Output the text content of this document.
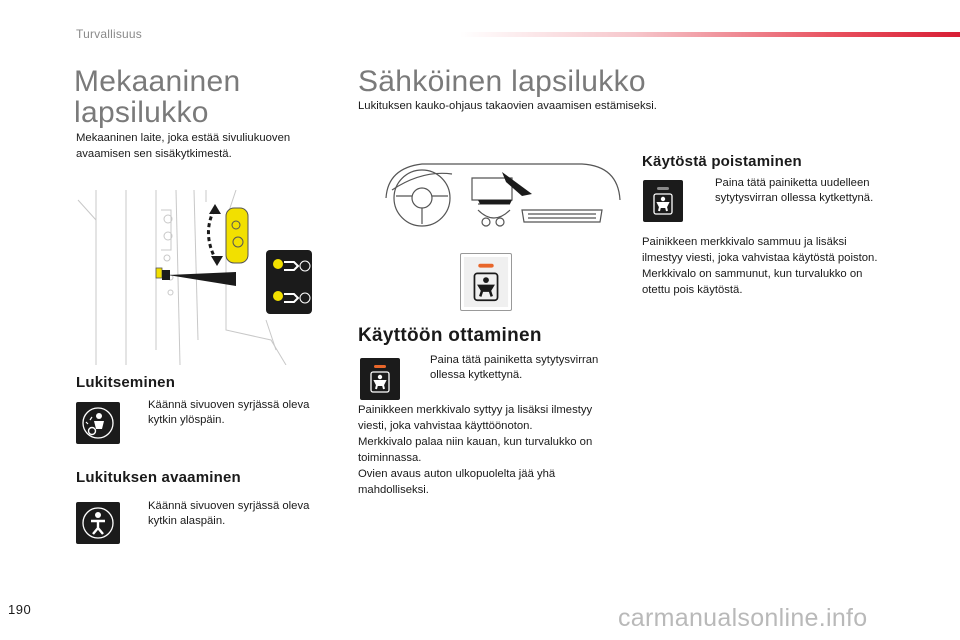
Turvallisuus
Mekaaninen
lapsilukko
Mekaaninen laite, joka estää sivuliukuoven
avaamisen sen sisäkytkimestä.
Lukitseminen
Käännä sivuoven syrjässä oleva
kytkin ylöspäin.
Lukituksen avaaminen
Käännä sivuoven syrjässä oleva
kytkin alaspäin.
Sähköinen lapsilukko
Lukituksen kauko-ohjaus takaovien avaamisen estämiseksi.
Käyttöön ottaminen
Paina tätä painiketta sytytysvirran
ollessa kytkettynä.
Painikkeen merkkivalo syttyy ja lisäksi ilmestyy
viesti, joka vahvistaa käyttöönoton.
Merkkivalo palaa niin kauan, kun turvalukko on
toiminnassa.
Ovien avaus auton ulkopuolelta jää yhä
mahdolliseksi.
Käytöstä poistaminen
Paina tätä painiketta uudelleen
sytytysvirran ollessa kytkettynä.
Painikkeen merkkivalo sammuu ja lisäksi
ilmestyy viesti, joka vahvistaa käytöstä poiston.
Merkkivalo on sammunut, kun turvalukko on
otettu pois käytöstä.
190	carmanualsonline.info
